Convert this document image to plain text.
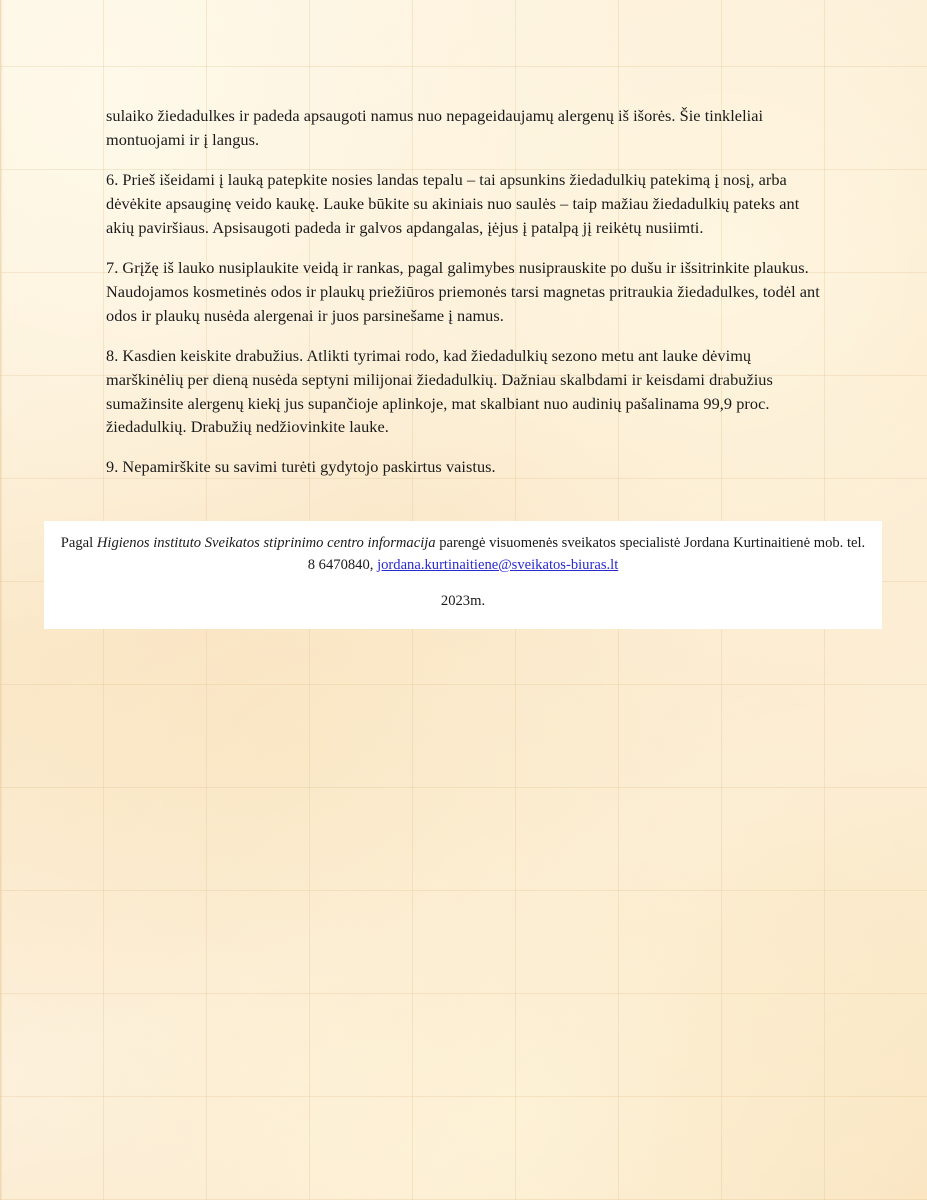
sulaiko žiedadulkes ir padeda apsaugoti namus nuo nepageidaujamų alergenų iš išorės. Šie tinkleliai montuojami ir į langus.

6. Prieš išeidami į lauką patepkite nosies landas tepalu – tai apsunkins žiedadulkių patekimą į nosį, arba dėvėkite apsauginę veido kaukę. Lauke būkite su akiniais nuo saulės – taip mažiau žiedadulkių pateks ant akių paviršiaus. Apsisaugoti padeda ir galvos apdangalas, įėjus į patalpą jį reikėtų nusiimti.

7. Grįžę iš lauko nusiplaukite veidą ir rankas, pagal galimybes nusiprauskite po dušu ir išsitrinkite plaukus. Naudojamos kosmetinės odos ir plaukų priežiūros priemonės tarsi magnetas pritraukia žiedadulkes, todėl ant odos ir plaukų nusėda alergenai ir juos parsinešame į namus.

8. Kasdien keiskite drabužius. Atlikti tyrimai rodo, kad žiedadulkių sezono metu ant lauke dėvimų marškinėlių per dieną nusėda septyni milijonai žiedadulkių. Dažniau skalbdami ir keisdami drabužius sumažinsite alergenų kiekį jus supančioje aplinkoje, mat skalbiant nuo audinių pašalinama 99,9 proc. žiedadulkių. Drabužių nedžiovinkite lauke.

9. Nepamirškite su savimi turėti gydytojo paskirtus vaistus.

Pagal Higienos instituto Sveikatos stiprinimo centro informacija parengė visuomenės sveikatos specialistė Jordana Kurtinaitienė mob. tel. 8 6470840, jordana.kurtinaitiene@sveikatos-biuras.lt

2023m.
